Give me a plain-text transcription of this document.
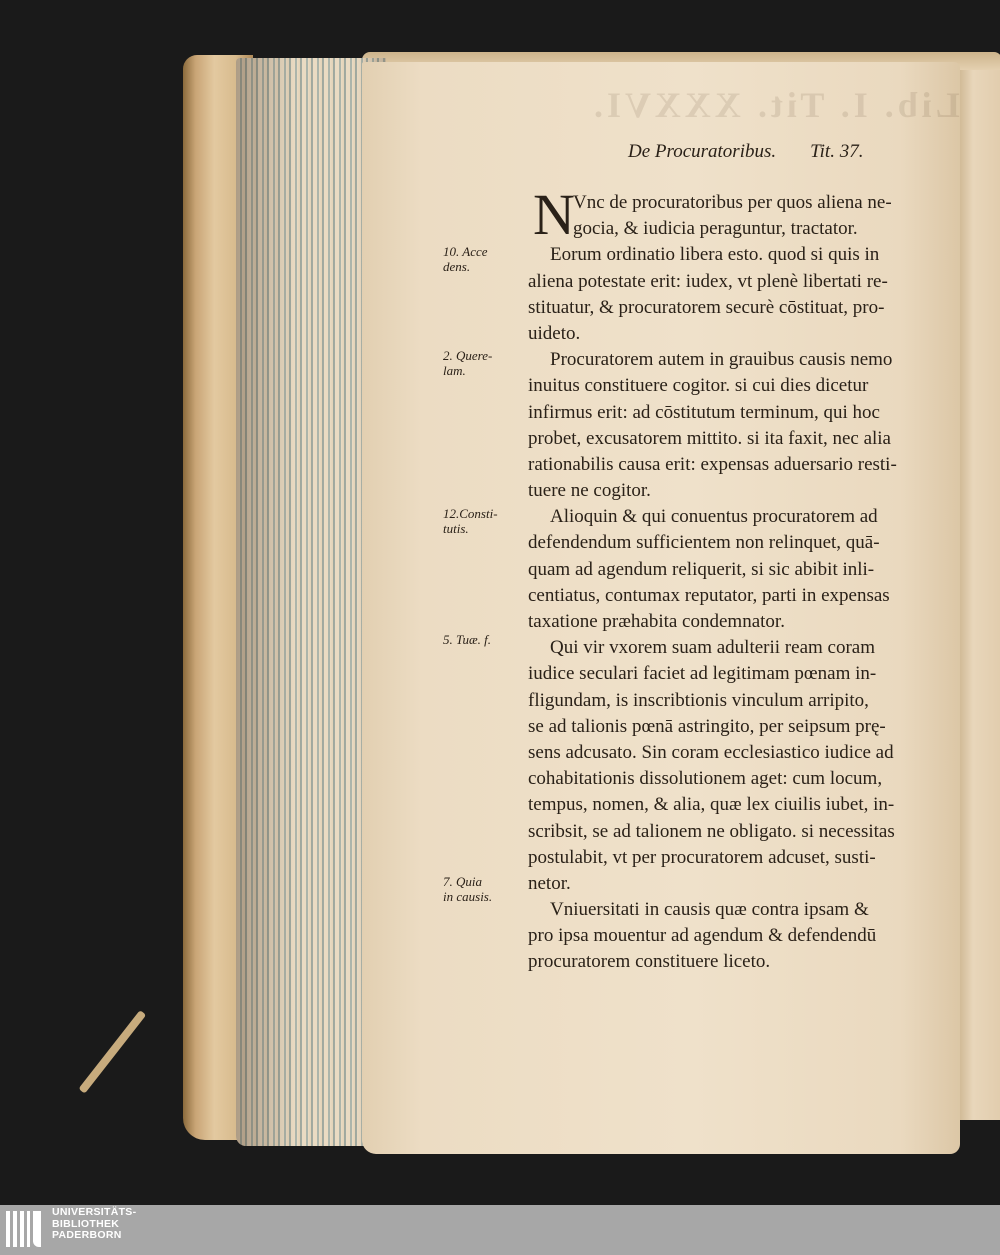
Lib. I. Tit. XXXVI.
De Procuratoribus. Tit. 37.
N
Vnc de procuratoribus per quos aliena ne-
gocia, & iudicia peraguntur, tractator.
Eorum ordinatio libera esto. quod si quis in
aliena potestate erit: iudex, vt plenè libertati re-
stituatur, & procuratorem securè cōstituat, pro-
uideto.
Procuratorem autem in grauibus causis nemo
inuitus constituere cogitor. si cui dies dicetur
infirmus erit: ad cōstitutum terminum, qui hoc
probet, excusatorem mittito. si ita faxit, nec alia
rationabilis causa erit: expensas aduersario resti-
tuere ne cogitor.
Alioquin & qui conuentus procuratorem ad
defendendum sufficientem non relinquet, quā-
quam ad agendum reliquerit, si sic abibit inli-
centiatus, contumax reputator, parti in expensas
taxatione præhabita condemnator.
Qui vir vxorem suam adulterii ream coram
iudice seculari faciet ad legitimam pœnam in-
fligundam, is inscribtionis vinculum arripito,
se ad talionis pœnā astringito, per seipsum prę-
sens adcusato. Sin coram ecclesiastico iudice ad
cohabitationis dissolutionem aget: cum locum,
tempus, nomen, & alia, quæ lex ciuilis iubet, in-
scribsit, se ad talionem ne obligato. si necessitas
postulabit, vt per procuratorem adcuset, susti-
netor.
Vniuersitati in causis quæ contra ipsam &
pro ipsa mouentur ad agendum & defendendū
procuratorem constituere liceto.
10. Acce
dens.
2. Quere-
lam.
12.Consti-
tutis.
5. Tuæ. f.
7. Quia
in causis.
UNIVERSITÄTS-
BIBLIOTHEK
PADERBORN
